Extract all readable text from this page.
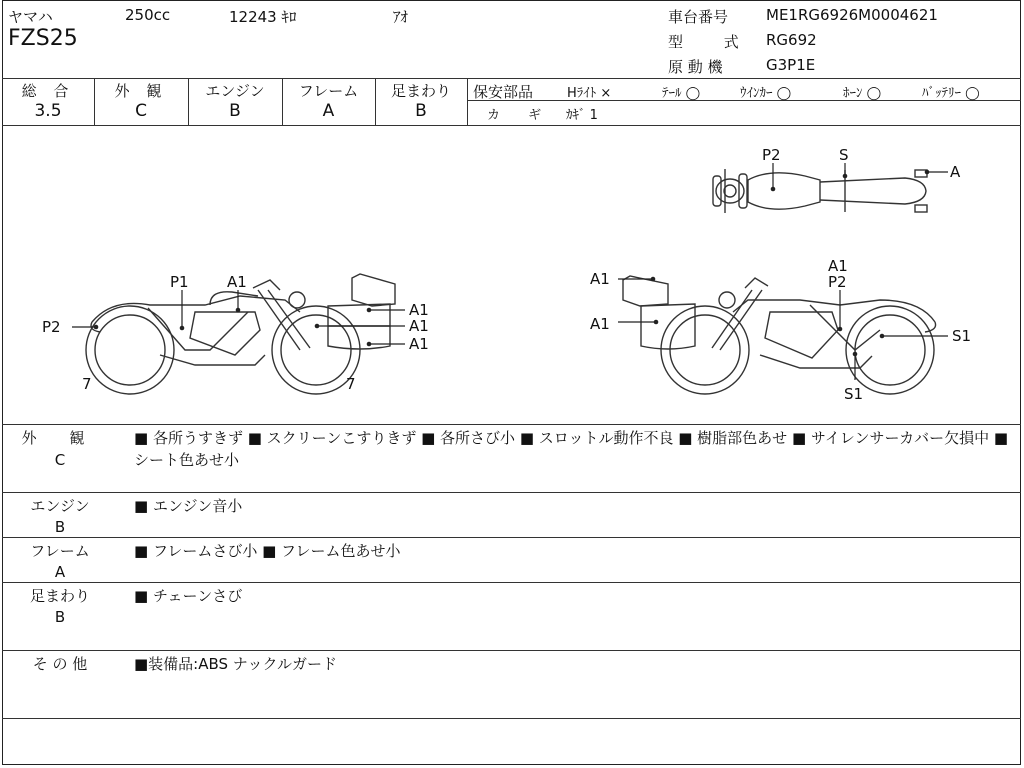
ヤマハ	250cc	12243 ｷﾛ	ｱｵ
FZS25
車台番号	ME1RG6926M0004621
型 式 RG692
原 動 機	G3P1E
総 合
3.5
外 観
C
エンジン
B
フレーム
A
足まわり
B
保安部品	Hﾗｲﾄ ×	ﾃｰﾙ ◯	ｳｲﾝｶｰ ◯	ﾎｰﾝ ◯	ﾊﾞｯﾃﾘｰ ◯
カ ギ ｶｷﾞ 1
P2	S
A
P1	A1
P2
A1
A1
A1
7	7
A1
A1
A1
P2
S1
S1
外 観
C
■ 各所うすきず ■ スクリーンこすりきず ■ 各所さび小 ■ スロットル動作不良 ■ 樹脂部色あせ ■ サイレンサーカバー欠損中 ■ シート色あせ小
エンジン
B
■ エンジン音小
フレーム
A
■ フレームさび小 ■ フレーム色あせ小
足まわり
B
■ チェーンさび
そ の 他	■装備品:ABS ナックルガード
